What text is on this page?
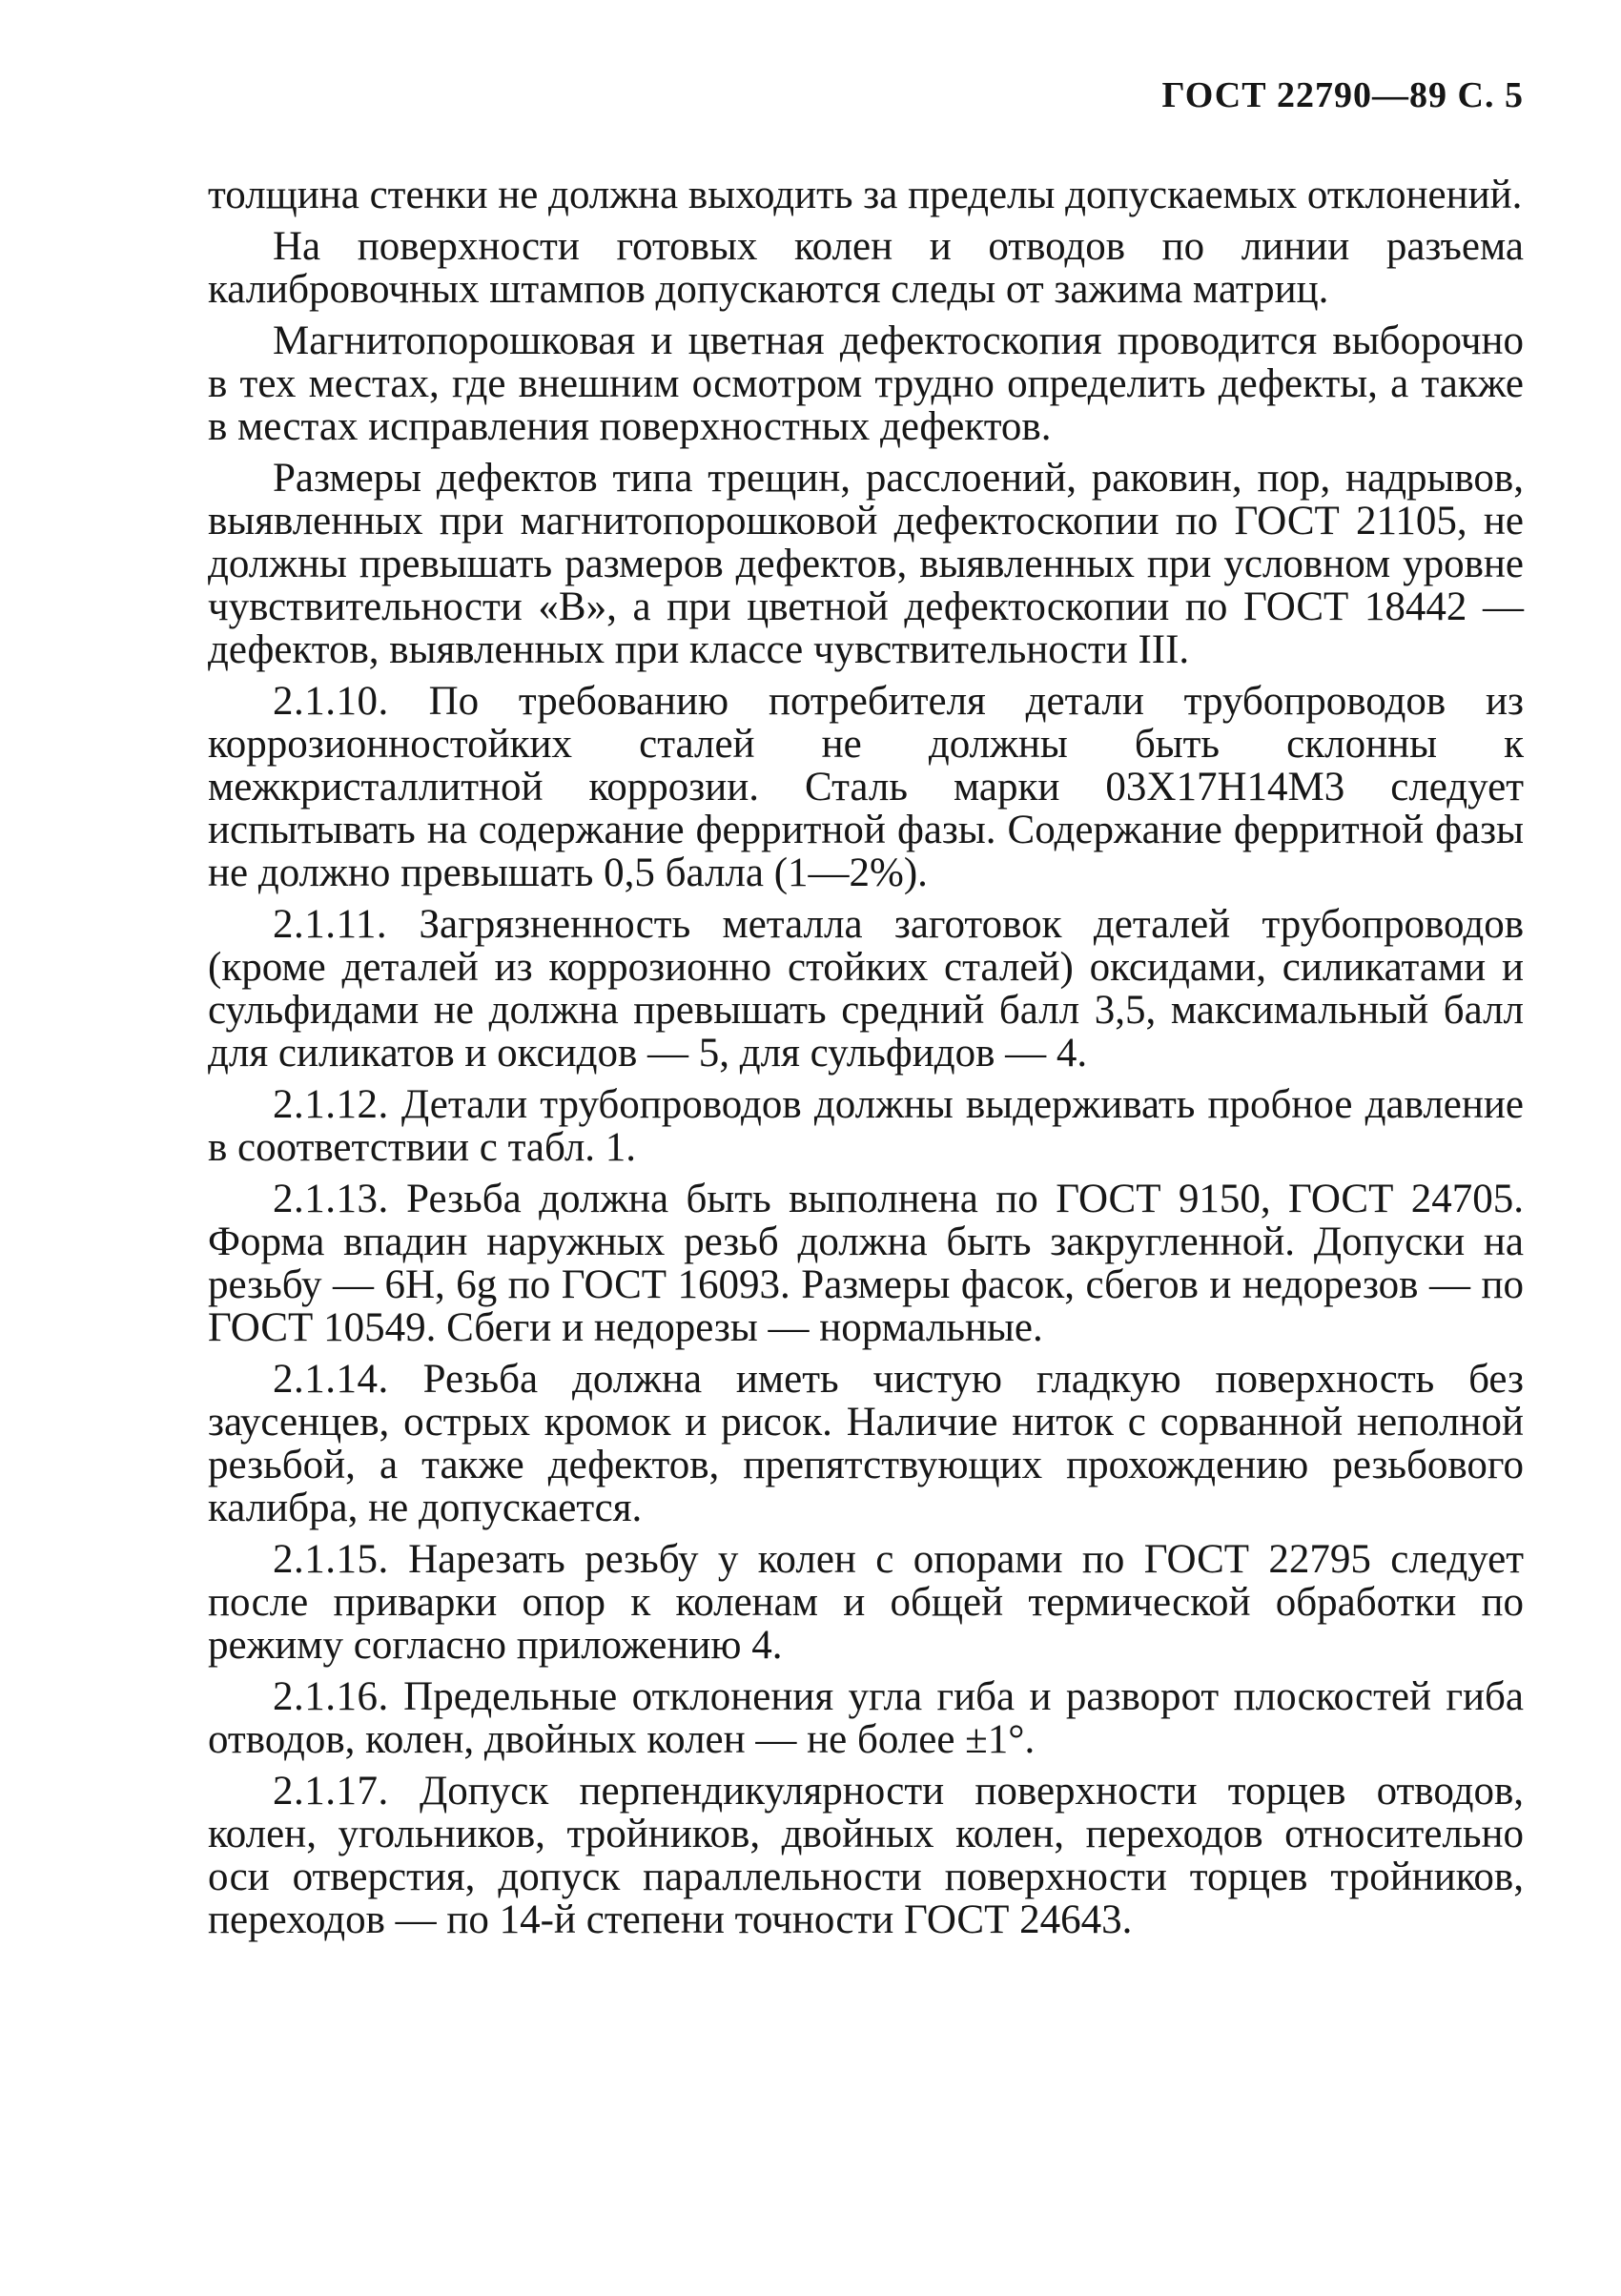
ГОСТ 22790—89 С. 5

толщина стенки не должна выходить за пределы допускаемых отклонений.

На поверхности готовых колен и отводов по линии разъема калибровочных штампов допускаются следы от зажима матриц.

Магнитопорошковая и цветная дефектоскопия проводится выборочно в тех местах, где внешним осмотром трудно определить дефекты, а также в местах исправления поверхностных дефектов.

Размеры дефектов типа трещин, расслоений, раковин, пор, надрывов, выявленных при магнитопорошковой дефектоскопии по ГОСТ 21105, не должны превышать размеров дефектов, выявленных при условном уровне чувствительности «В», а при цветной дефектоскопии по ГОСТ 18442 — дефектов, выявленных при классе чувствительности III.

2.1.10. По требованию потребителя детали трубопроводов из коррозионностойких сталей не должны быть склонны к межкристаллитной коррозии. Сталь марки 03Х17Н14М3 следует испытывать на содержание ферритной фазы. Содержание ферритной фазы не должно превышать 0,5 балла (1—2%).

2.1.11. Загрязненность металла заготовок деталей трубопроводов (кроме деталей из коррозионно стойких сталей) оксидами, силикатами и сульфидами не должна превышать средний балл 3,5, максимальный балл для силикатов и оксидов — 5, для сульфидов — 4.

2.1.12. Детали трубопроводов должны выдерживать пробное давление в соответствии с табл. 1.

2.1.13. Резьба должна быть выполнена по ГОСТ 9150, ГОСТ 24705. Форма впадин наружных резьб должна быть закругленной. Допуски на резьбу — 6Н, 6g по ГОСТ 16093. Размеры фасок, сбегов и недорезов — по ГОСТ 10549. Сбеги и недорезы — нормальные.

2.1.14. Резьба должна иметь чистую гладкую поверхность без заусенцев, острых кромок и рисок. Наличие ниток с сорванной неполной резьбой, а также дефектов, препятствующих прохождению резьбового калибра, не допускается.

2.1.15. Нарезать резьбу у колен с опорами по ГОСТ 22795 следует после приварки опор к коленам и общей термической обработки по режиму согласно приложению 4.

2.1.16. Предельные отклонения угла гиба и разворот плоскостей гиба отводов, колен, двойных колен — не более ±1°.

2.1.17. Допуск перпендикулярности поверхности торцев отводов, колен, угольников, тройников, двойных колен, переходов относительно оси отверстия, допуск параллельности поверхности торцев тройников, переходов — по 14-й степени точности ГОСТ 24643.
